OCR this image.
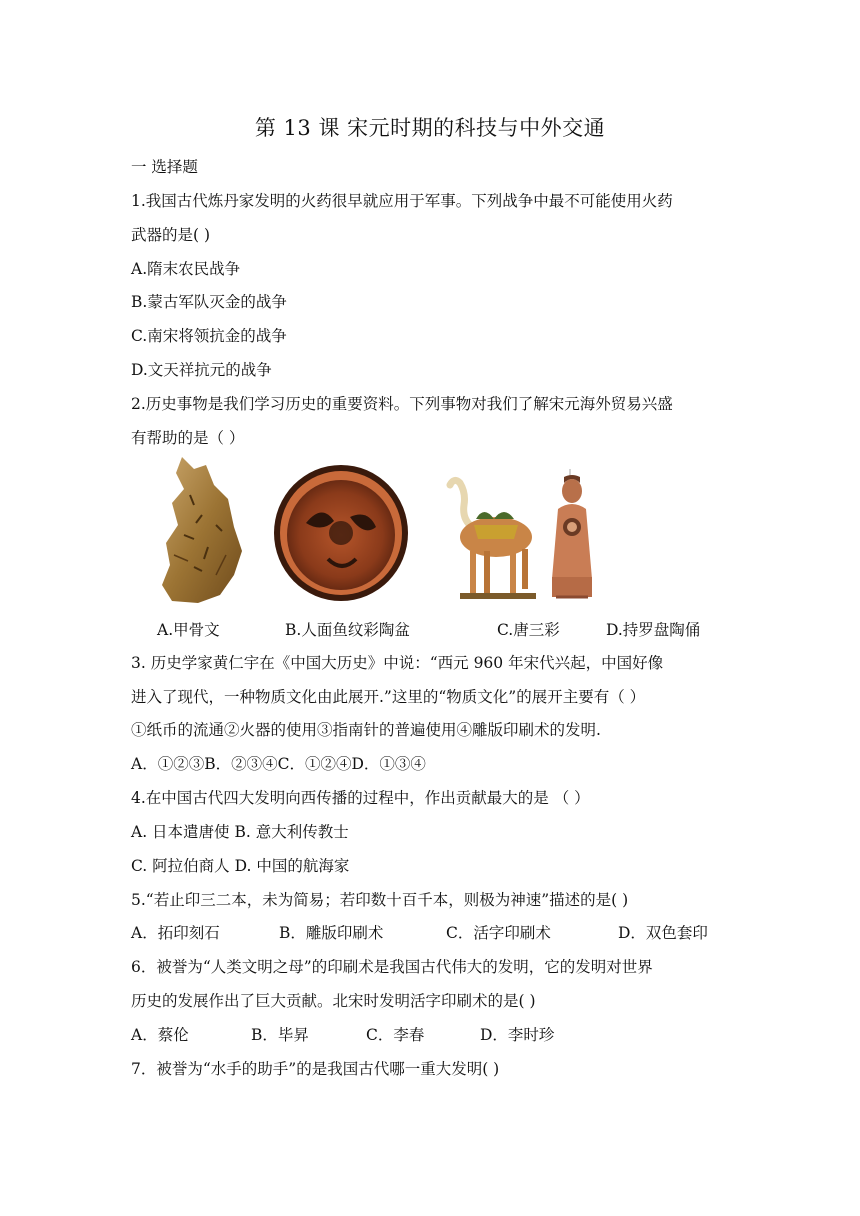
第 13 课 宋元时期的科技与中外交通
一 选择题
1.我国古代炼丹家发明的火药很早就应用于军事。下列战争中最不可能使用火药
武器的是( )
A.隋末农民战争
B.蒙古军队灭金的战争
C.南宋将领抗金的战争
D.文天祥抗元的战争
2.历史事物是我们学习历史的重要资料。下列事物对我们了解宋元海外贸易兴盛
有帮助的是（ ）
A.甲骨文	B.人面鱼纹彩陶盆	C.唐三彩	D.持罗盘陶俑
3. 历史学家黄仁宇在《中国大历史》中说：“西元 960 年宋代兴起，中国好像
进入了现代，一种物质文化由此展开.”这里的“物质文化”的展开主要有（ ）
①纸币的流通②火器的使用③指南针的普遍使用④雕版印刷术的发明.
A．①②③B．②③④C．①②④D．①③④
4.在中国古代四大发明向西传播的过程中，作出贡献最大的是 （ ）
A. 日本遣唐使 B. 意大利传教士
C. 阿拉伯商人 D. 中国的航海家
5.“若止印三二本，未为简易；若印数十百千本，则极为神速”描述的是( )
A．拓印刻石	B．雕版印刷术	C．活字印刷术	D．双色套印
6．被誉为“人类文明之母”的印刷术是我国古代伟大的发明，它的发明对世界
历史的发展作出了巨大贡献。北宋时发明活字印刷术的是( )
A．蔡伦	B．毕昇	C．李春	D．李时珍
7．被誉为“水手的助手”的是我国古代哪一重大发明( )
